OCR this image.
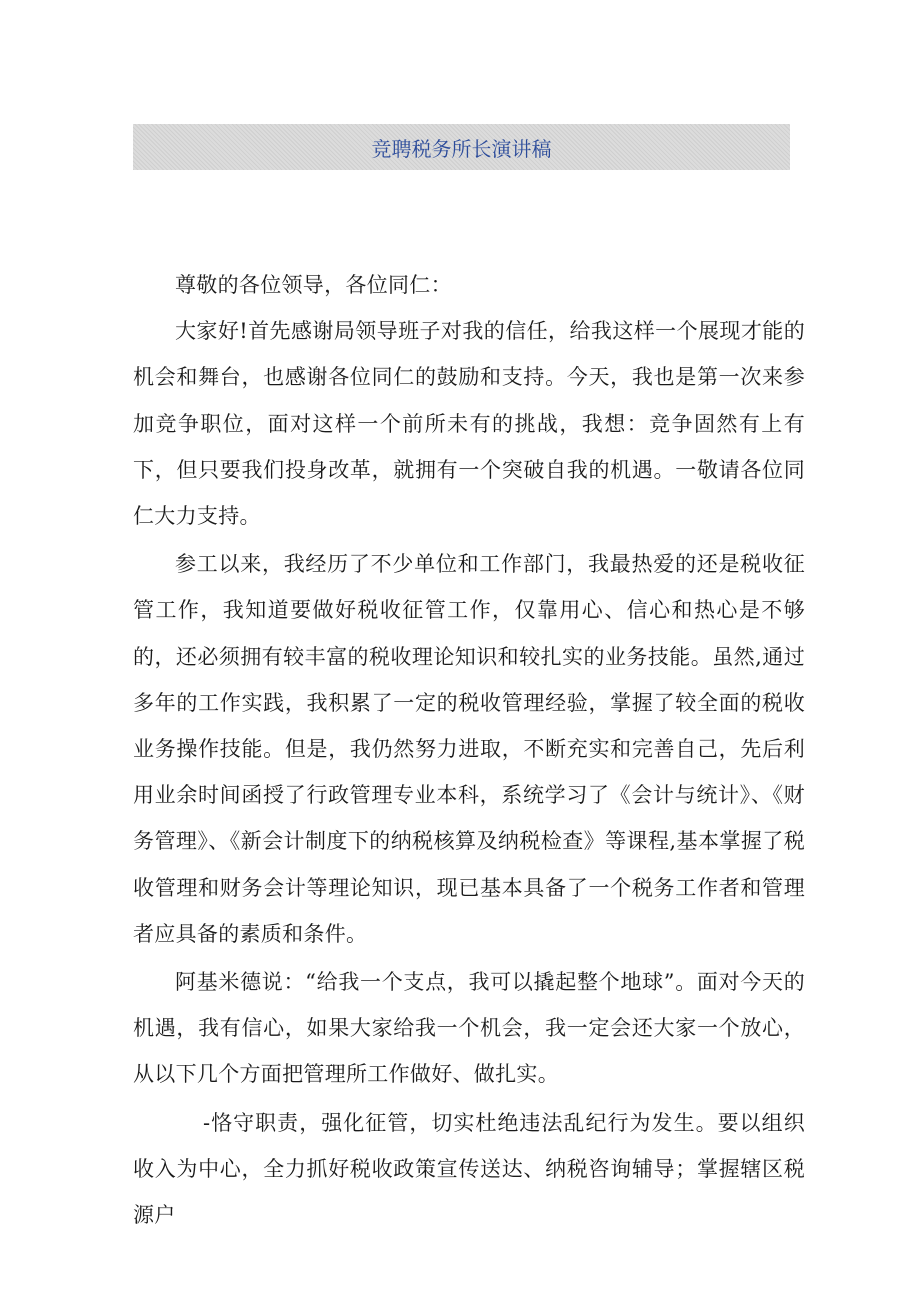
竞聘税务所长演讲稿

尊敬的各位领导，各位同仁：

大家好!首先感谢局领导班子对我的信任，给我这样一个展现才能的机会和舞台，也感谢各位同仁的鼓励和支持。今天，我也是第一次来参加竞争职位，面对这样一个前所未有的挑战，我想：竞争固然有上有下，但只要我们投身改革，就拥有一个突破自我的机遇。一敬请各位同仁大力支持。

参工以来，我经历了不少单位和工作部门，我最热爱的还是税收征管工作，我知道要做好税收征管工作，仅靠用心、信心和热心是不够的，还必须拥有较丰富的税收理论知识和较扎实的业务技能。虽然,通过多年的工作实践，我积累了一定的税收管理经验，掌握了较全面的税收业务操作技能。但是，我仍然努力进取，不断充实和完善自己，先后利用业余时间函授了行政管理专业本科，系统学习了《会计与统计》、《财务管理》、《新会计制度下的纳税核算及纳税检查》等课程,基本掌握了税收管理和财务会计等理论知识，现已基本具备了一个税务工作者和管理者应具备的素质和条件。

阿基米德说：“给我一个支点，我可以撬起整个地球”。面对今天的机遇，我有信心，如果大家给我一个机会，我一定会还大家一个放心，从以下几个方面把管理所工作做好、做扎实。

-恪守职责，强化征管，切实杜绝违法乱纪行为发生。要以组织收入为中心，全力抓好税收政策宣传送达、纳税咨询辅导；掌握辖区税源户
